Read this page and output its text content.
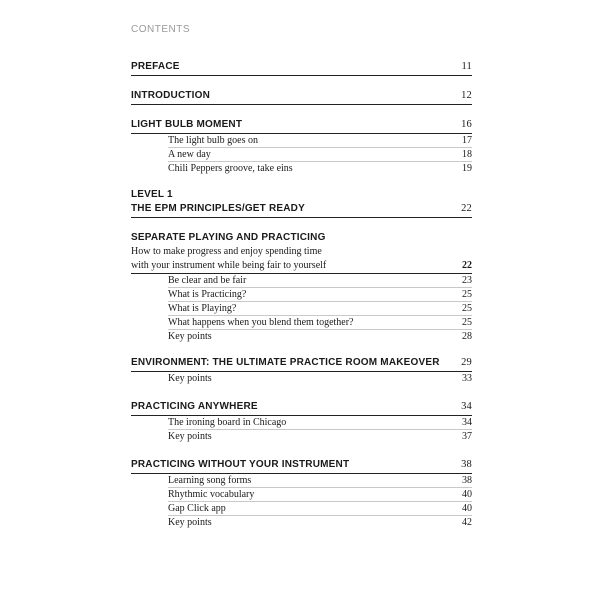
CONTENTS
PREFACE	11
INTRODUCTION	12
LIGHT BULB MOMENT	16
The light bulb goes on	17
A new day	18
Chili Peppers groove, take eins	19
LEVEL 1
THE EPM PRINCIPLES/GET READY	22
SEPARATE PLAYING AND PRACTICING
How to make progress and enjoy spending time
with your instrument while being fair to yourself	22
Be clear and be fair	23
What is Practicing?	25
What is Playing?	25
What happens when you blend them together?	25
Key points	28
ENVIRONMENT: THE ULTIMATE PRACTICE ROOM MAKEOVER 29
Key points	33
PRACTICING ANYWHERE	34
The ironing board in Chicago	34
Key points	37
PRACTICING WITHOUT YOUR INSTRUMENT	38
Learning song forms	38
Rhythmic vocabulary	40
Gap Click app	40
Key points	42
